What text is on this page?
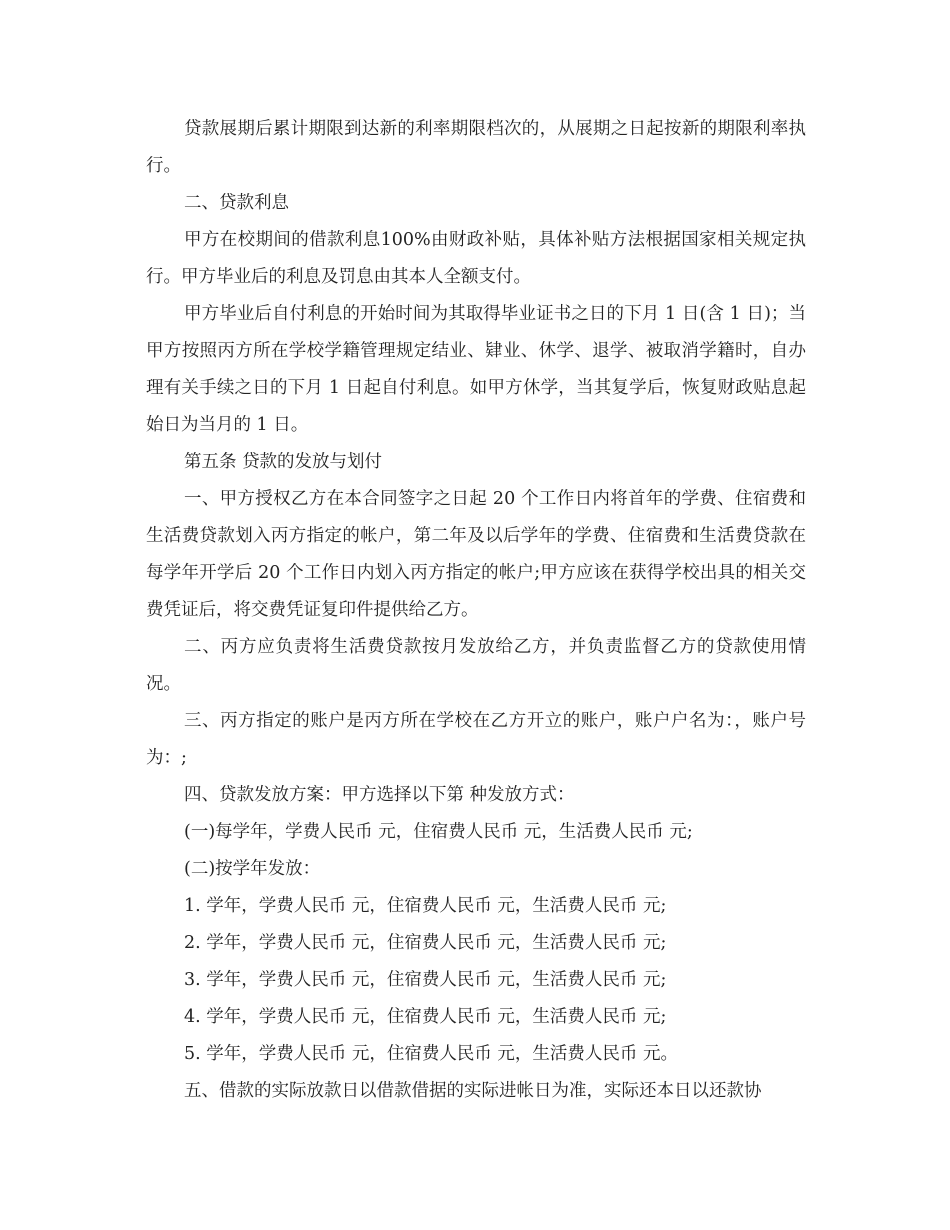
贷款展期后累计期限到达新的利率期限档次的，从展期之日起按新的期限利率执行。

二、贷款利息

甲方在校期间的借款利息100%由财政补贴，具体补贴方法根据国家相关规定执行。甲方毕业后的利息及罚息由其本人全额支付。

甲方毕业后自付利息的开始时间为其取得毕业证书之日的下月 1 日(含 1 日)；当甲方按照丙方所在学校学籍管理规定结业、肄业、休学、退学、被取消学籍时，自办理有关手续之日的下月 1 日起自付利息。如甲方休学，当其复学后，恢复财政贴息起始日为当月的 1 日。

第五条 贷款的发放与划付

一、甲方授权乙方在本合同签字之日起 20 个工作日内将首年的学费、住宿费和生活费贷款划入丙方指定的帐户，第二年及以后学年的学费、住宿费和生活费贷款在每学年开学后 20 个工作日内划入丙方指定的帐户;甲方应该在获得学校出具的相关交费凭证后，将交费凭证复印件提供给乙方。

二、丙方应负责将生活费贷款按月发放给乙方，并负责监督乙方的贷款使用情况。

三、丙方指定的账户是丙方所在学校在乙方开立的账户，账户户名为：，账户号为：;

四、贷款发放方案：甲方选择以下第 种发放方式：

(一)每学年，学费人民币 元，住宿费人民币 元，生活费人民币 元;

(二)按学年发放：

1. 学年，学费人民币 元，住宿费人民币 元，生活费人民币 元;

2. 学年，学费人民币 元，住宿费人民币 元，生活费人民币 元;

3. 学年，学费人民币 元，住宿费人民币 元，生活费人民币 元;

4. 学年，学费人民币 元，住宿费人民币 元，生活费人民币 元;

5. 学年，学费人民币 元，住宿费人民币 元，生活费人民币 元。

五、借款的实际放款日以借款借据的实际进帐日为准，实际还本日以还款协
